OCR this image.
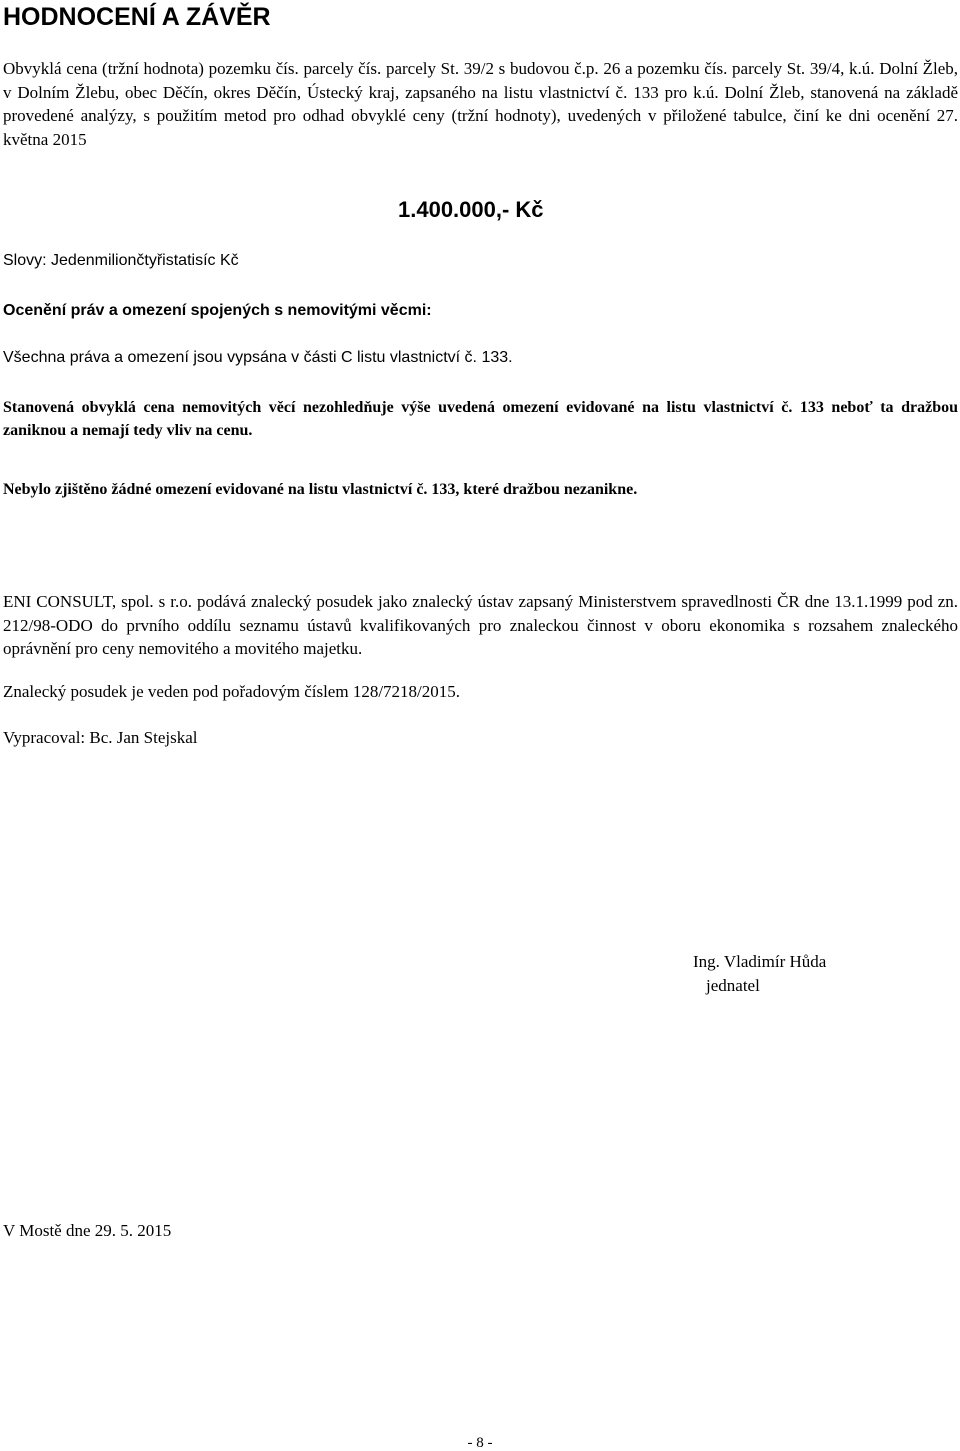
HODNOCENÍ A ZÁVĚR

Obvyklá cena (tržní hodnota) pozemku čís. parcely čís. parcely St. 39/2 s budovou č.p. 26 a pozemku čís. parcely St. 39/4, k.ú. Dolní Žleb, v Dolním Žlebu, obec Děčín, okres Děčín, Ústecký kraj, zapsaného na listu vlastnictví č. 133 pro k.ú. Dolní Žleb, stanovená na základě provedené analýzy, s použitím metod pro odhad obvyklé ceny (tržní hodnoty), uvedených v přiložené tabulce, činí ke dni ocenění 27. května 2015

1.400.000,- Kč

Slovy: Jedenmiliončtyřistatisíc Kč

Ocenění práv a omezení spojených s nemovitými věcmi:

Všechna práva a omezení jsou vypsána v části C listu vlastnictví č. 133.

Stanovená obvyklá cena nemovitých věcí nezohledňuje výše uvedená omezení evidované na listu vlastnictví č. 133 neboť ta dražbou zaniknou a nemají tedy vliv na cenu.

Nebylo zjištěno žádné omezení evidované na listu vlastnictví č. 133, které dražbou nezanikne.

ENI CONSULT, spol. s r.o. podává znalecký posudek jako znalecký ústav zapsaný Ministerstvem spravedlnosti ČR dne 13.1.1999 pod zn. 212/98-ODO do prvního oddílu seznamu ústavů kvalifikovaných pro znaleckou činnost v oboru ekonomika s rozsahem znaleckého oprávnění pro ceny nemovitého a movitého majetku.

Znalecký posudek je veden pod pořadovým číslem 128/7218/2015.

Vypracoval: Bc. Jan Stejskal

Ing. Vladimír Hůda
jednatel

V Mostě dne 29. 5. 2015

- 8 -
